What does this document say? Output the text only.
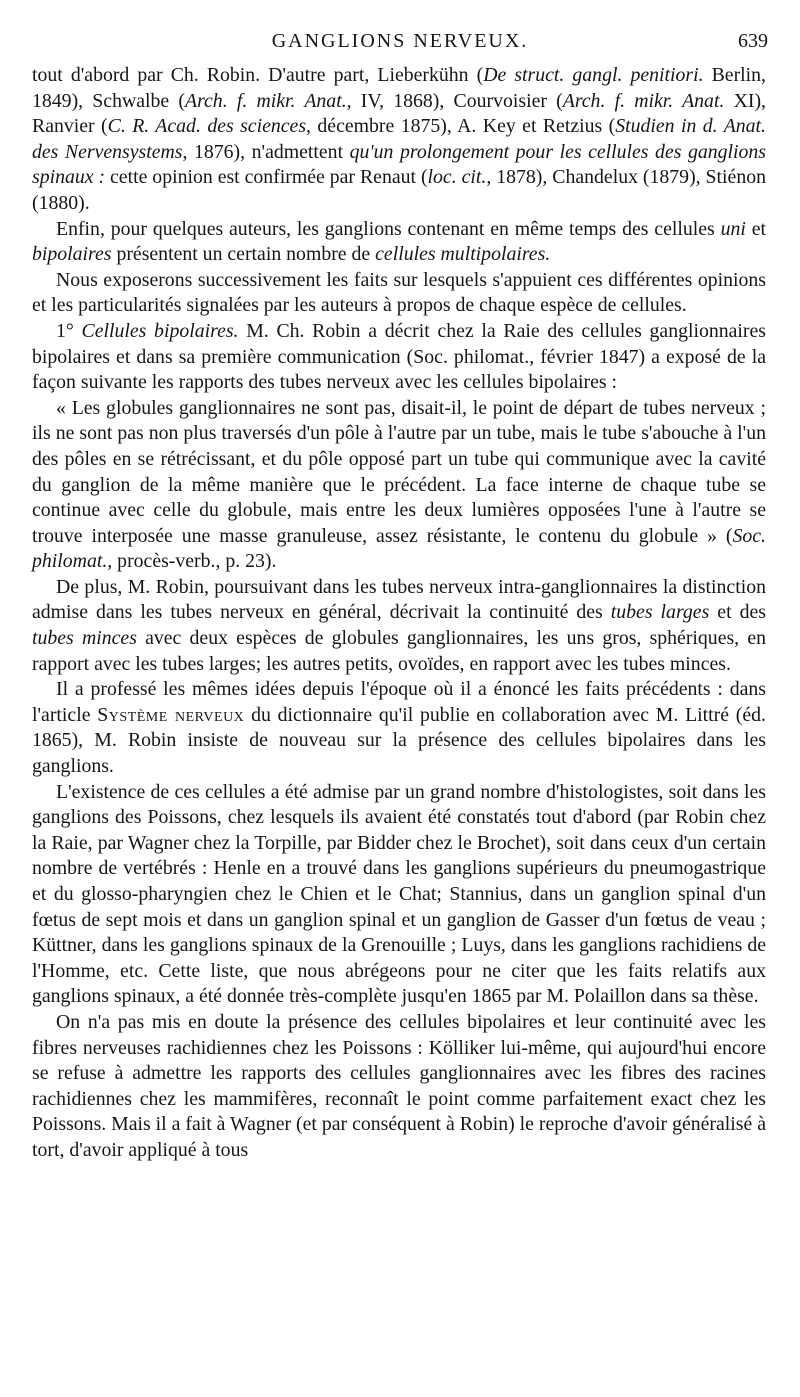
GANGLIONS NERVEUX.	639

tout d'abord par Ch. Robin. D'autre part, Lieberkühn (De struct. gangl. penitiori. Berlin, 1849), Schwalbe (Arch. f. mikr. Anat., IV, 1868), Courvoisier (Arch. f. mikr. Anat. XI), Ranvier (C. R. Acad. des sciences, décembre 1875), A. Key et Retzius (Studien in d. Anat. des Nervensystems, 1876), n'admettent qu'un prolongement pour les cellules des ganglions spinaux : cette opinion est confirmée par Renaut (loc. cit., 1878), Chandelux (1879), Stiénon (1880).

Enfin, pour quelques auteurs, les ganglions contenant en même temps des cellules uni et bipolaires présentent un certain nombre de cellules multipolaires.

Nous exposerons successivement les faits sur lesquels s'appuient ces différentes opinions et les particularités signalées par les auteurs à propos de chaque espèce de cellules.

1° Cellules bipolaires. M. Ch. Robin a décrit chez la Raie des cellules ganglionnaires bipolaires et dans sa première communication (Soc. philomat., février 1847) a exposé de la façon suivante les rapports des tubes nerveux avec les cellules bipolaires :

« Les globules ganglionnaires ne sont pas, disait-il, le point de départ de tubes nerveux ; ils ne sont pas non plus traversés d'un pôle à l'autre par un tube, mais le tube s'abouche à l'un des pôles en se rétrécissant, et du pôle opposé part un tube qui communique avec la cavité du ganglion de la même manière que le précédent. La face interne de chaque tube se continue avec celle du globule, mais entre les deux lumières opposées l'une à l'autre se trouve interposée une masse granuleuse, assez résistante, le contenu du globule » (Soc. philomat., procès-verb., p. 23).

De plus, M. Robin, poursuivant dans les tubes nerveux intra-ganglionnaires la distinction admise dans les tubes nerveux en général, décrivait la continuité des tubes larges et des tubes minces avec deux espèces de globules ganglionnaires, les uns gros, sphériques, en rapport avec les tubes larges; les autres petits, ovoïdes, en rapport avec les tubes minces.

Il a professé les mêmes idées depuis l'époque où il a énoncé les faits précédents : dans l'article Système nerveux du dictionnaire qu'il publie en collaboration avec M. Littré (éd. 1865), M. Robin insiste de nouveau sur la présence des cellules bipolaires dans les ganglions.

L'existence de ces cellules a été admise par un grand nombre d'histologistes, soit dans les ganglions des Poissons, chez lesquels ils avaient été constatés tout d'abord (par Robin chez la Raie, par Wagner chez la Torpille, par Bidder chez le Brochet), soit dans ceux d'un certain nombre de vertébrés : Henle en a trouvé dans les ganglions supérieurs du pneumogastrique et du glosso-pharyngien chez le Chien et le Chat; Stannius, dans un ganglion spinal d'un fœtus de sept mois et dans un ganglion spinal et un ganglion de Gasser d'un fœtus de veau ; Küttner, dans les ganglions spinaux de la Grenouille ; Luys, dans les ganglions rachidiens de l'Homme, etc. Cette liste, que nous abrégeons pour ne citer que les faits relatifs aux ganglions spinaux, a été donnée très-complète jusqu'en 1865 par M. Polaillon dans sa thèse.

On n'a pas mis en doute la présence des cellules bipolaires et leur continuité avec les fibres nerveuses rachidiennes chez les Poissons : Kölliker lui-même, qui aujourd'hui encore se refuse à admettre les rapports des cellules ganglionnaires avec les fibres des racines rachidiennes chez les mammifères, reconnaît le point comme parfaitement exact chez les Poissons. Mais il a fait à Wagner (et par conséquent à Robin) le reproche d'avoir généralisé à tort, d'avoir appliqué à tous
